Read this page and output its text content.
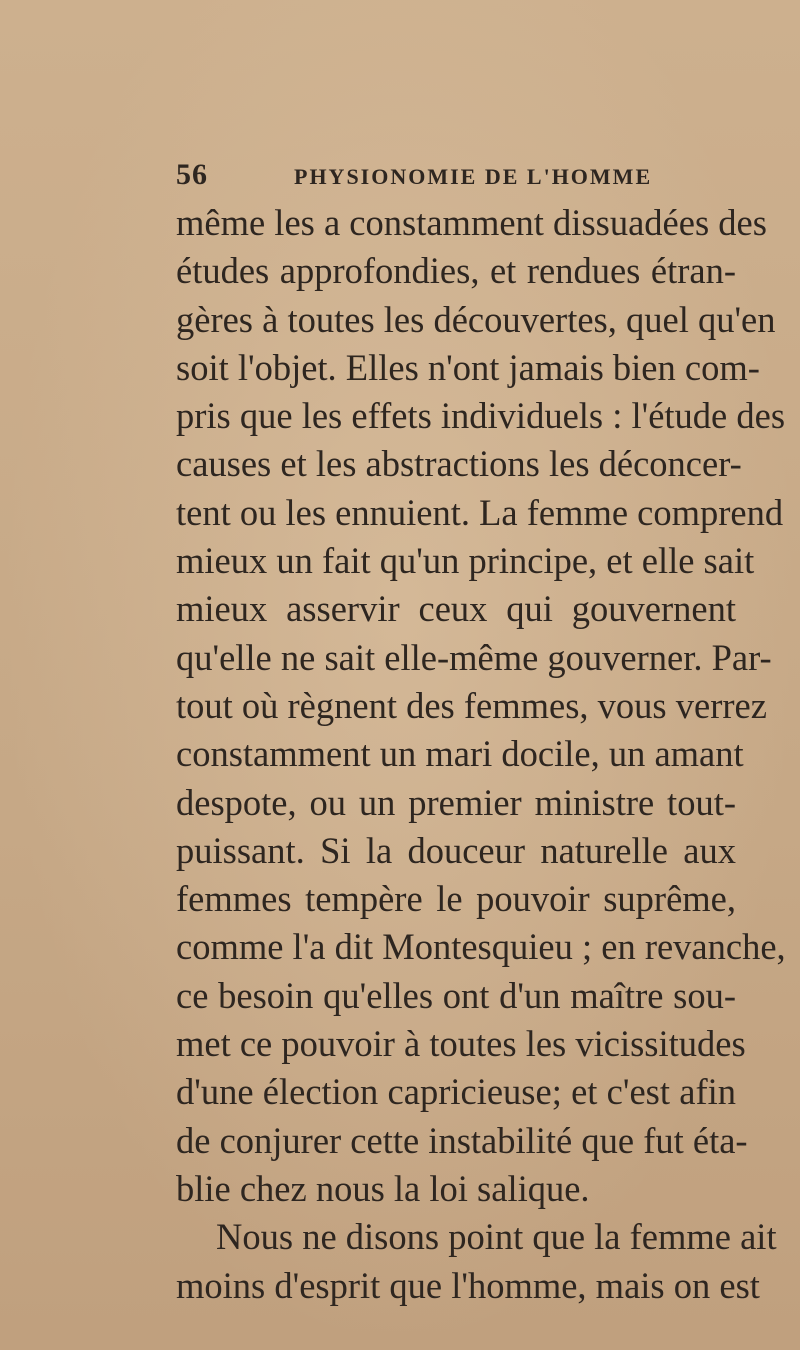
56	PHYSIONOMIE DE L'HOMME
même les a constamment dissuadées des
études approfondies, et rendues étran-
gères à toutes les découvertes, quel qu'en
soit l'objet. Elles n'ont jamais bien com-
pris que les effets individuels : l'étude des
causes et les abstractions les déconcer-
tent ou les ennuient. La femme comprend
mieux un fait qu'un principe, et elle sait
mieux asservir ceux qui gouvernent
qu'elle ne sait elle-même gouverner. Par-
tout où règnent des femmes, vous verrez
constamment un mari docile, un amant
despote, ou un premier ministre tout-
puissant. Si la douceur naturelle aux
femmes tempère le pouvoir suprême,
comme l'a dit Montesquieu ; en revanche,
ce besoin qu'elles ont d'un maître sou-
met ce pouvoir à toutes les vicissitudes
d'une élection capricieuse; et c'est afin
de conjurer cette instabilité que fut éta-
blie chez nous la loi salique.
Nous ne disons point que la femme ait
moins d'esprit que l'homme, mais on est
